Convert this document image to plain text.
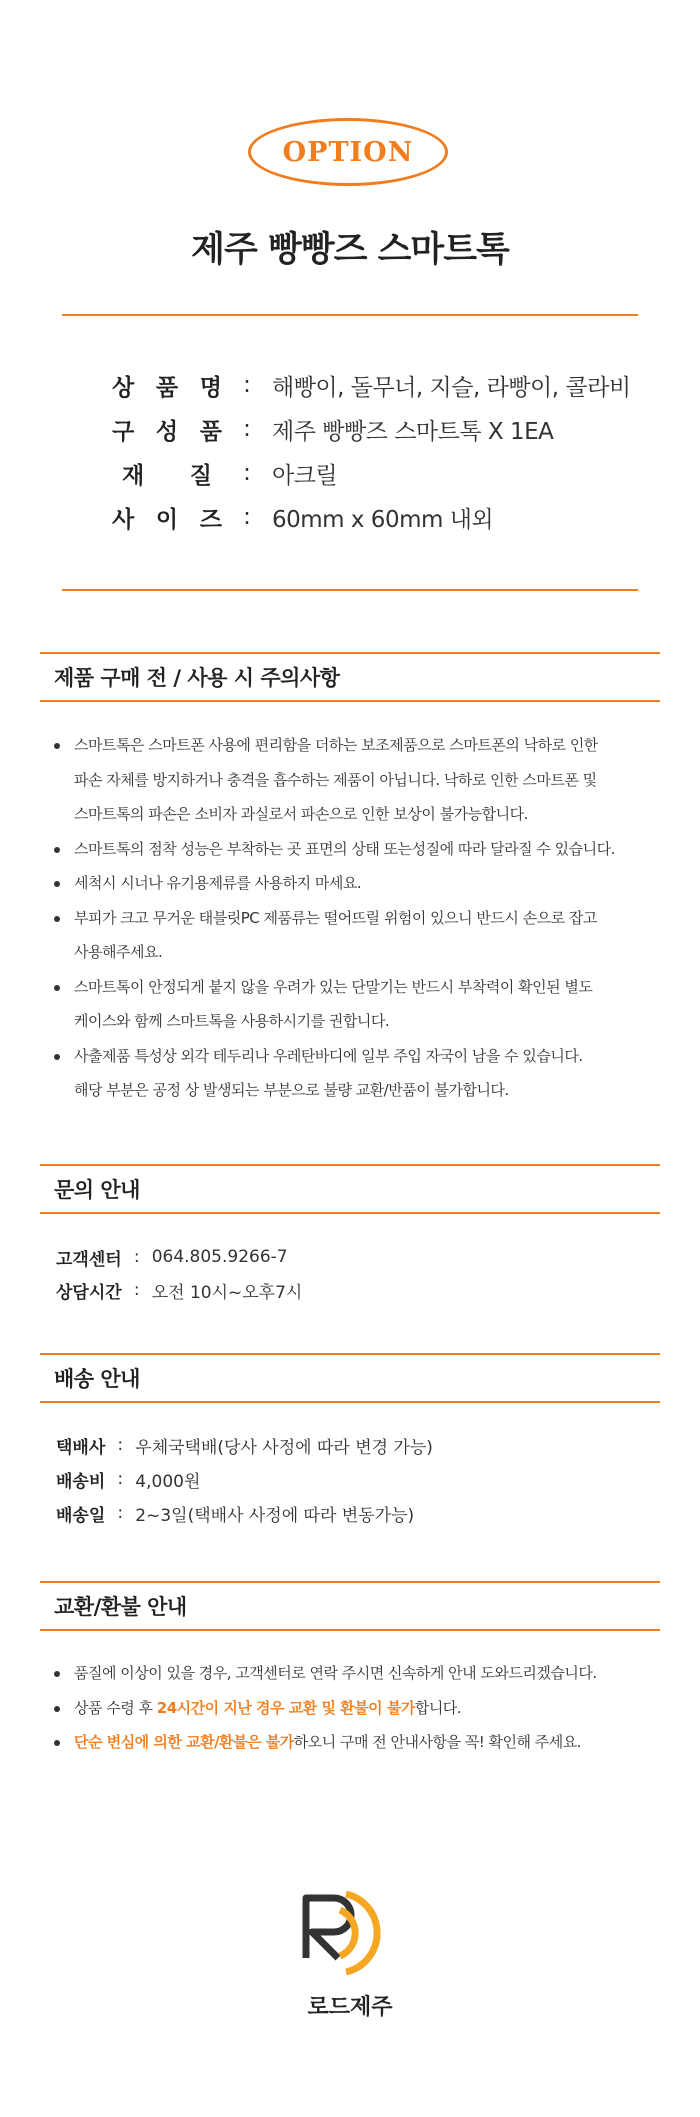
OPTION
제주 빵빵즈 스마트톡
상 품 명 : 해빵이, 돌무너, 지슬, 라빵이, 콜라비
구 성 품 : 제주 빵빵즈 스마트톡 X 1EA
재 질	: 아크릴
사 이 즈 : 60mm x 60mm 내외
제품 구매 전 / 사용 시 주의사항
스마트톡은 스마트폰 사용에 편리함을 더하는 보조제품으로 스마트폰의 낙하로 인한
파손 자체를 방지하거나 충격을 흡수하는 제품이 아닙니다. 낙하로 인한 스마트폰 및
스마트톡의 파손은 소비자 과실로서 파손으로 인한 보상이 불가능합니다.
스마트톡의 점착 성능은 부착하는 곳 표면의 상태 또는성질에 따라 달라질 수 있습니다.
세척시 시너나 유기용제류를 사용하지 마세요.
부피가 크고 무거운 태블릿PC 제품류는 떨어뜨릴 위험이 있으니 반드시 손으로 잡고
사용해주세요.
스마트톡이 안정되게 붙지 않을 우려가 있는 단말기는 반드시 부착력이 확인된 별도
케이스와 함께 스마트톡을 사용하시기를 권합니다.
사출제품 특성상 외각 테두리나 우레탄바디에 일부 주입 자국이 남을 수 있습니다.
해당 부분은 공정 상 발생되는 부분으로 불량 교환/반품이 불가합니다.
문의 안내
고객센터 : 064.805.9266-7
상담시간 : 오전 10시~오후7시
배송 안내
택배사 : 우체국택배(당사 사정에 따라 변경 가능)
배송비 : 4,000원
배송일 : 2~3일(택배사 사정에 따라 변동가능)
교환/환불 안내
품질에 이상이 있을 경우, 고객센터로 연락 주시면 신속하게 안내 도와드리겠습니다.
상품 수령 후 24시간이 지난 경우 교환 및 환불이 불가합니다.
단순 변심에 의한 교환/환불은 불가하오니 구매 전 안내사항을 꼭! 확인해 주세요.
로드제주
